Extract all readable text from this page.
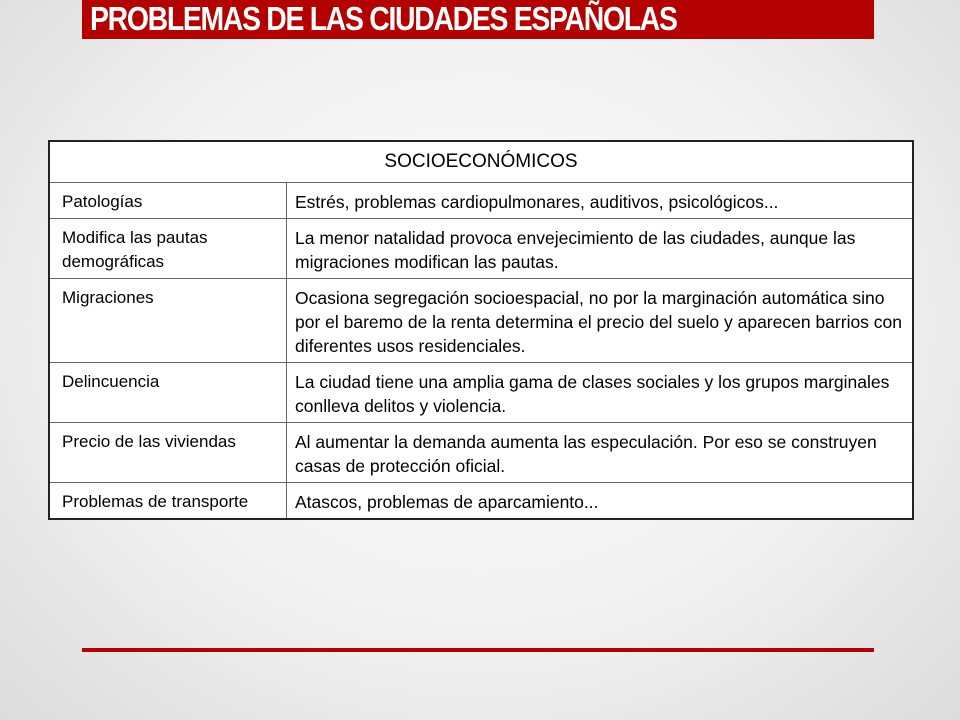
PROBLEMAS DE LAS CIUDADES ESPAÑOLAS
SOCIOECONÓMICOS	
Patologías	Estrés, problemas cardiopulmonares, auditivos, psicológicos...
Modifica las pautas demográficas	La menor natalidad provoca envejecimiento de las ciudades, aunque las migraciones modifican las pautas.
Migraciones	Ocasiona segregación socioespacial, no por la marginación automática sino por el baremo de la renta determina el precio del suelo y aparecen barrios con diferentes usos residenciales.
Delincuencia	La ciudad tiene una amplia gama de clases sociales y los grupos marginales conlleva delitos y violencia.
Precio de las viviendas	Al aumentar la demanda aumenta las especulación. Por eso se construyen casas de protección oficial.
Problemas de transporte	Atascos, problemas de aparcamiento...
